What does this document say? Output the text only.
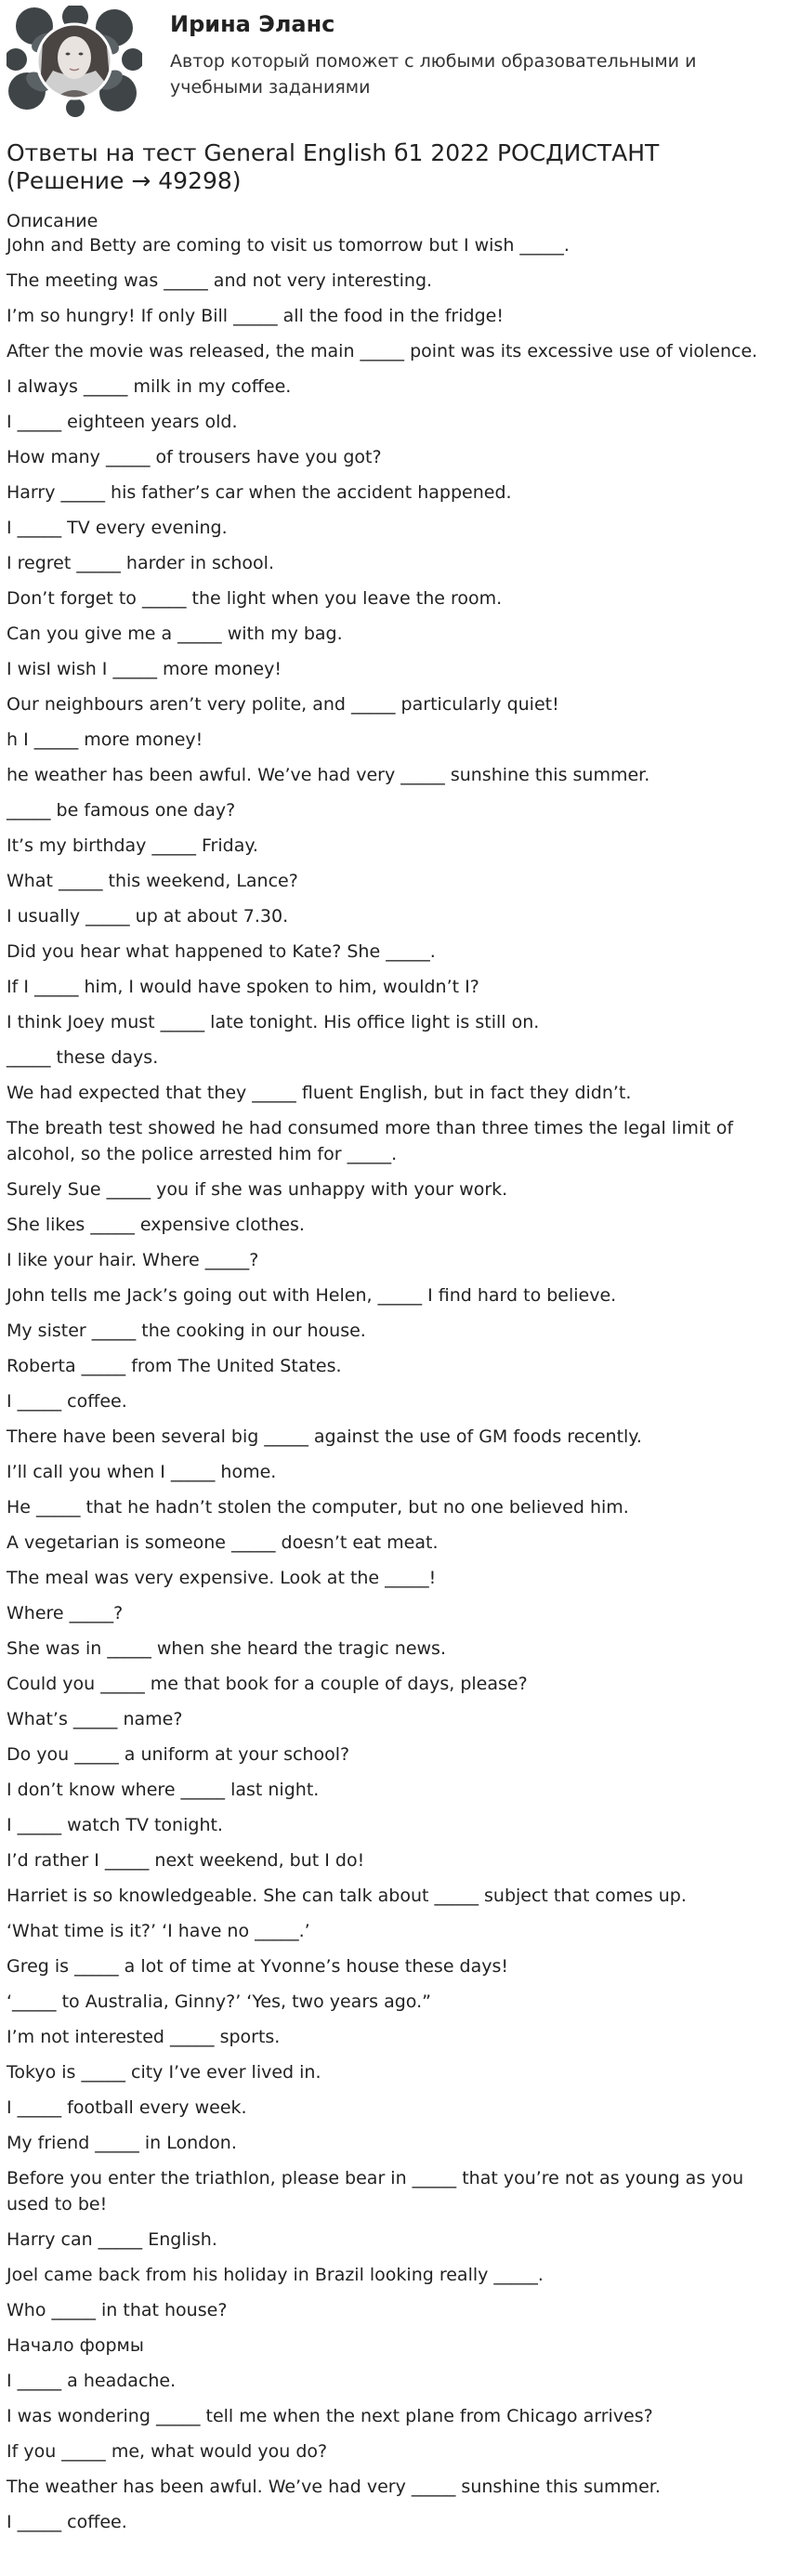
Ирина Эланс
Автор который поможет с любыми образовательными и учебными заданиями
Ответы на тест General English б1 2022 РОСДИСТАНТ (Решение → 49298)
Описание
John and Betty are coming to visit us tomorrow but I wish _____.
The meeting was _____ and not very interesting.
I’m so hungry! If only Bill _____ all the food in the fridge!
After the movie was released, the main _____ point was its excessive use of violence.
I always _____ milk in my coffee.
I _____ eighteen years old.
How many _____ of trousers have you got?
Harry _____ his father’s car when the accident happened.
I _____ TV every evening.
I regret _____ harder in school.
Don’t forget to _____ the light when you leave the room.
Can you give me a _____ with my bag.
I wisI wish I _____ more money!
Our neighbours aren’t very polite, and _____ particularly quiet!
h I _____ more money!
he weather has been awful. We’ve had very _____ sunshine this summer.
_____ be famous one day?
It’s my birthday _____ Friday.
What _____ this weekend, Lance?
I usually _____ up at about 7.30.
Did you hear what happened to Kate? She _____.
If I _____ him, I would have spoken to him, wouldn’t I?
I think Joey must _____ late tonight. His office light is still on.
_____ these days.
We had expected that they _____ fluent English, but in fact they didn’t.
The breath test showed he had consumed more than three times the legal limit of alcohol, so the police arrested him for _____.
Surely Sue _____ you if she was unhappy with your work.
She likes _____ expensive clothes.
I like your hair. Where _____?
John tells me Jack’s going out with Helen, _____ I find hard to believe.
My sister _____ the cooking in our house.
Roberta _____ from The United States.
I _____ coffee.
There have been several big _____ against the use of GM foods recently.
I’ll call you when I _____ home.
He _____ that he hadn’t stolen the computer, but no one believed him.
A vegetarian is someone _____ doesn’t eat meat.
The meal was very expensive. Look at the _____!
Where _____?
She was in _____ when she heard the tragic news.
Could you _____ me that book for a couple of days, please?
What’s _____ name?
Do you _____ a uniform at your school?
I don’t know where _____ last night.
I _____ watch TV tonight.
I’d rather I _____ next weekend, but I do!
Harriet is so knowledgeable. She can talk about _____ subject that comes up.
‘What time is it?’ ‘I have no _____.’
Greg is _____ a lot of time at Yvonne’s house these days!
‘_____ to Australia, Ginny?’ ‘Yes, two years ago.”
I’m not interested _____ sports.
Tokyo is _____ city I’ve ever lived in.
I _____ football every week.
My friend _____ in London.
Before you enter the triathlon, please bear in _____ that you’re not as young as you used to be!
Harry can _____ English.
Joel came back from his holiday in Brazil looking really _____.
Who _____ in that house?
Начало формы
I _____ a headache.
I was wondering _____ tell me when the next plane from Chicago arrives?
If you _____ me, what would you do?
The weather has been awful. We’ve had very _____ sunshine this summer.
I _____ coffee.
